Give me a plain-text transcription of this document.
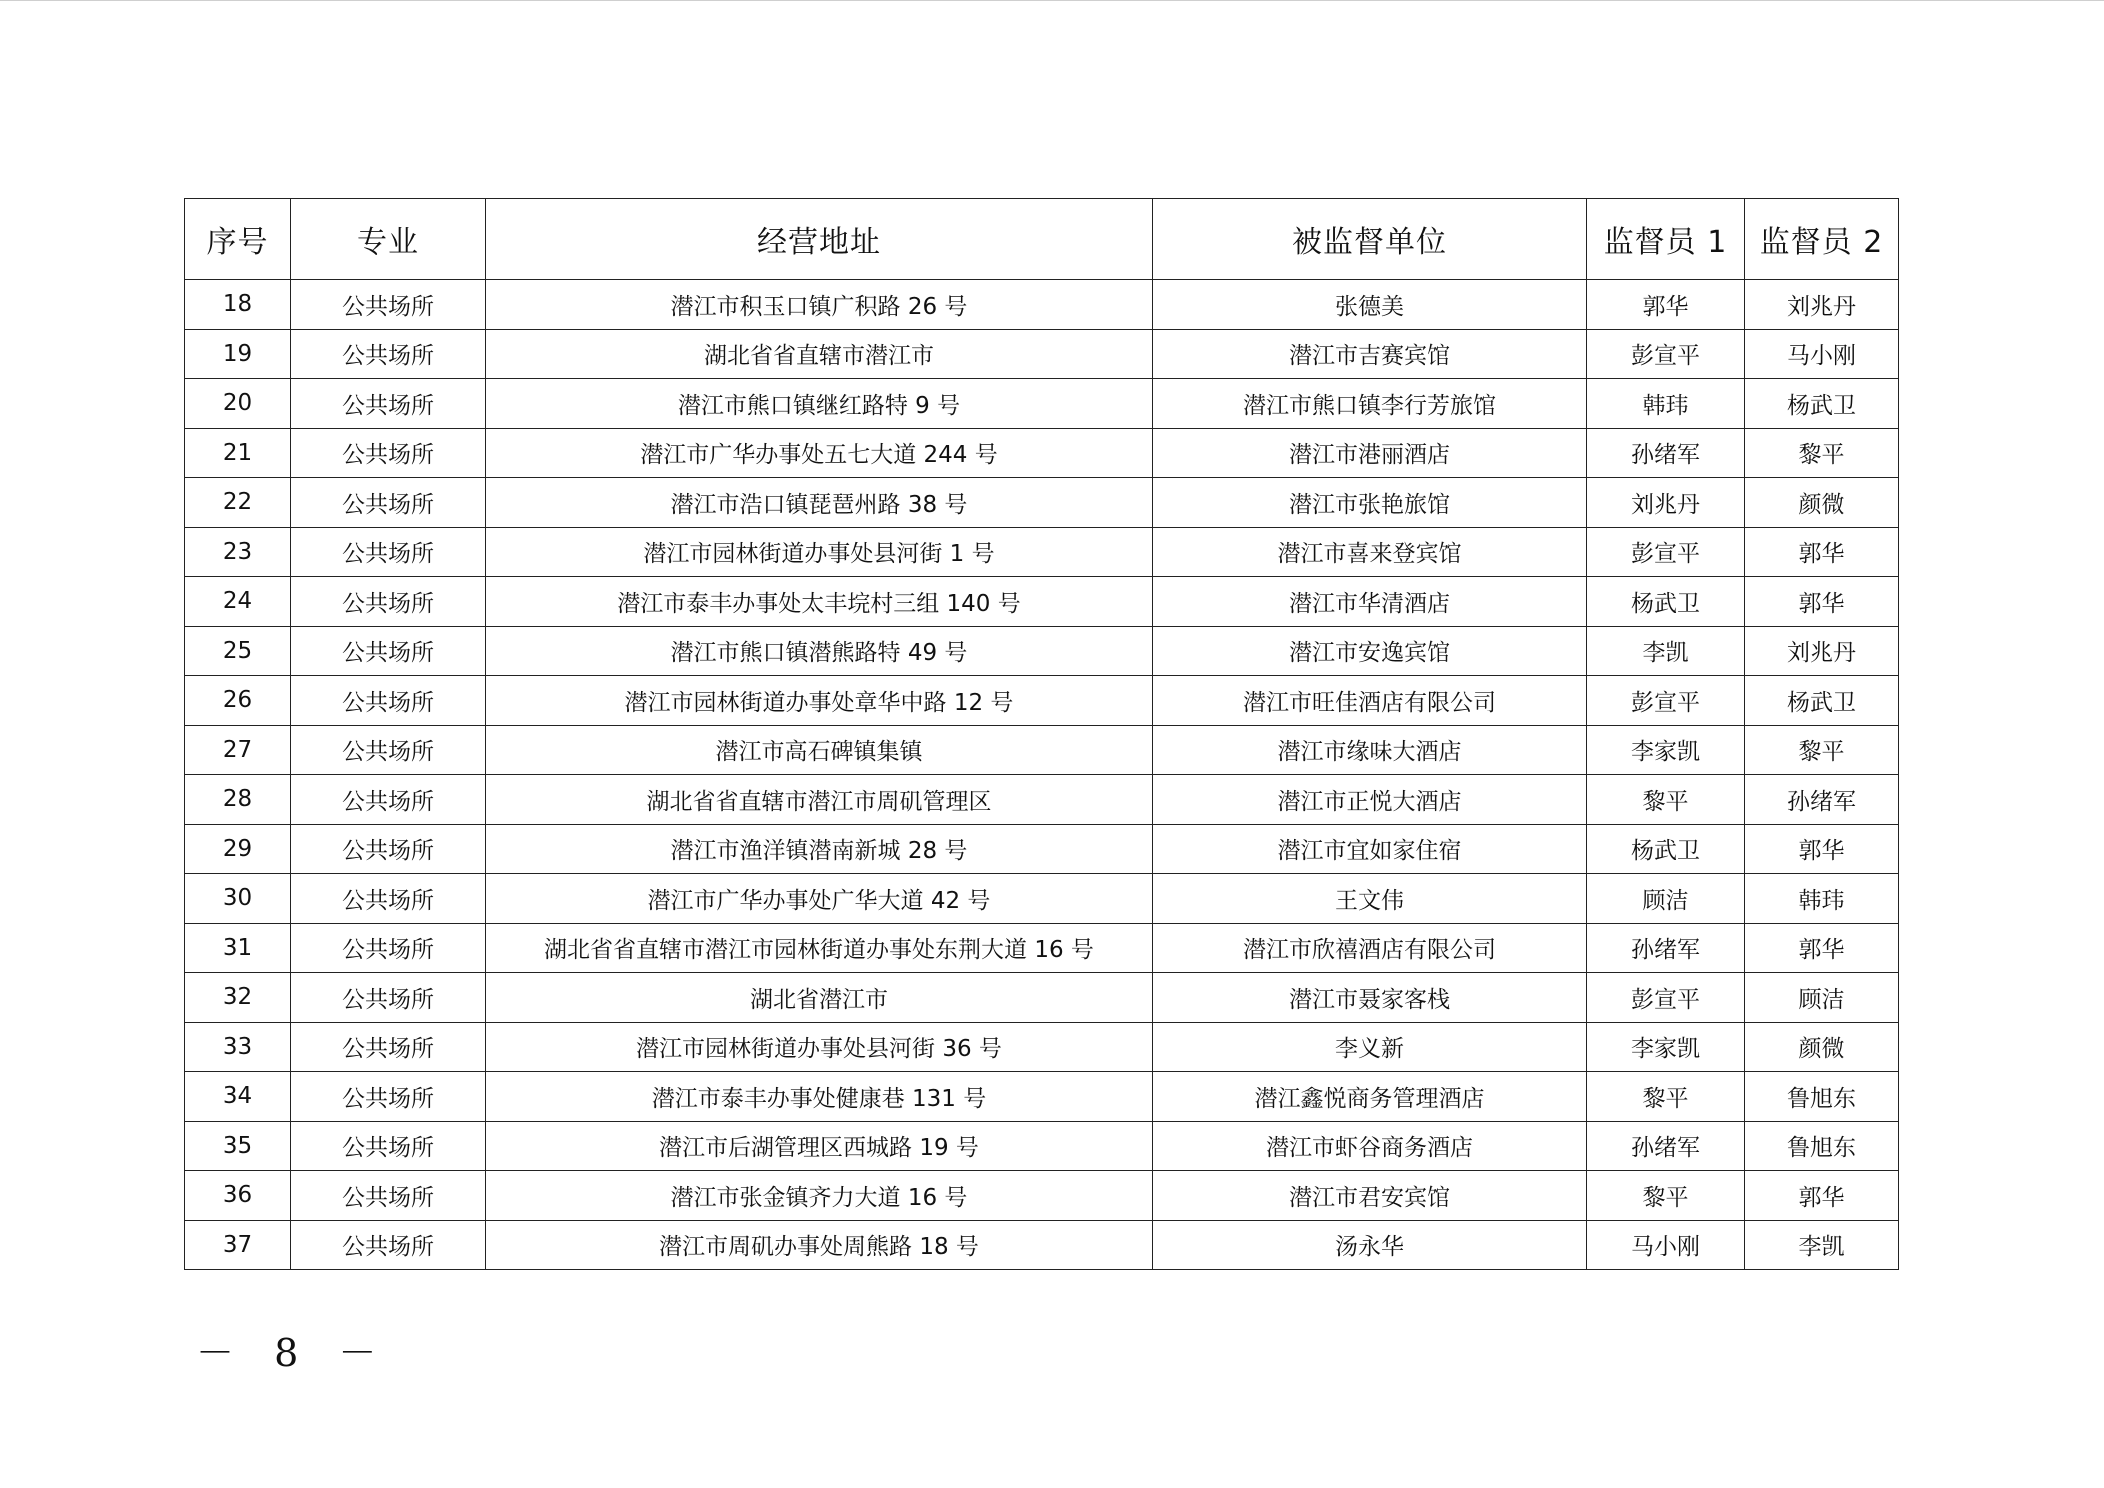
序号	专业	经营地址	被监督单位	监督员 1	监督员 2
18	公共场所	潜江市积玉口镇广积路 26 号	张德美	郭华	刘兆丹
19	公共场所	湖北省省直辖市潜江市	潜江市吉赛宾馆	彭宣平	马小刚
20	公共场所	潜江市熊口镇继红路特 9 号	潜江市熊口镇李行芳旅馆	韩玮	杨武卫
21	公共场所	潜江市广华办事处五七大道 244 号	潜江市港丽酒店	孙绪军	黎平
22	公共场所	潜江市浩口镇琵琶州路 38 号	潜江市张艳旅馆	刘兆丹	颜微
23	公共场所	潜江市园林街道办事处县河街 1 号	潜江市喜来登宾馆	彭宣平	郭华
24	公共场所	潜江市泰丰办事处太丰垸村三组 140 号	潜江市华清酒店	杨武卫	郭华
25	公共场所	潜江市熊口镇潜熊路特 49 号	潜江市安逸宾馆	李凯	刘兆丹
26	公共场所	潜江市园林街道办事处章华中路 12 号	潜江市旺佳酒店有限公司	彭宣平	杨武卫
27	公共场所	潜江市高石碑镇集镇	潜江市缘味大酒店	李家凯	黎平
28	公共场所	湖北省省直辖市潜江市周矶管理区	潜江市正悦大酒店	黎平	孙绪军
29	公共场所	潜江市渔洋镇潜南新城 28 号	潜江市宜如家住宿	杨武卫	郭华
30	公共场所	潜江市广华办事处广华大道 42 号	王文伟	顾洁	韩玮
31	公共场所	湖北省省直辖市潜江市园林街道办事处东荆大道 16 号	潜江市欣禧酒店有限公司	孙绪军	郭华
32	公共场所	湖北省潜江市	潜江市聂家客栈	彭宣平	顾洁
33	公共场所	潜江市园林街道办事处县河街 36 号	李义新	李家凯	颜微
34	公共场所	潜江市泰丰办事处健康巷 131 号	潜江鑫悦商务管理酒店	黎平	鲁旭东
35	公共场所	潜江市后湖管理区西城路 19 号	潜江市虾谷商务酒店	孙绪军	鲁旭东
36	公共场所	潜江市张金镇齐力大道 16 号	潜江市君安宾馆	黎平	郭华
37	公共场所	潜江市周矶办事处周熊路 18 号	汤永华	马小刚	李凯
－ 8 －
